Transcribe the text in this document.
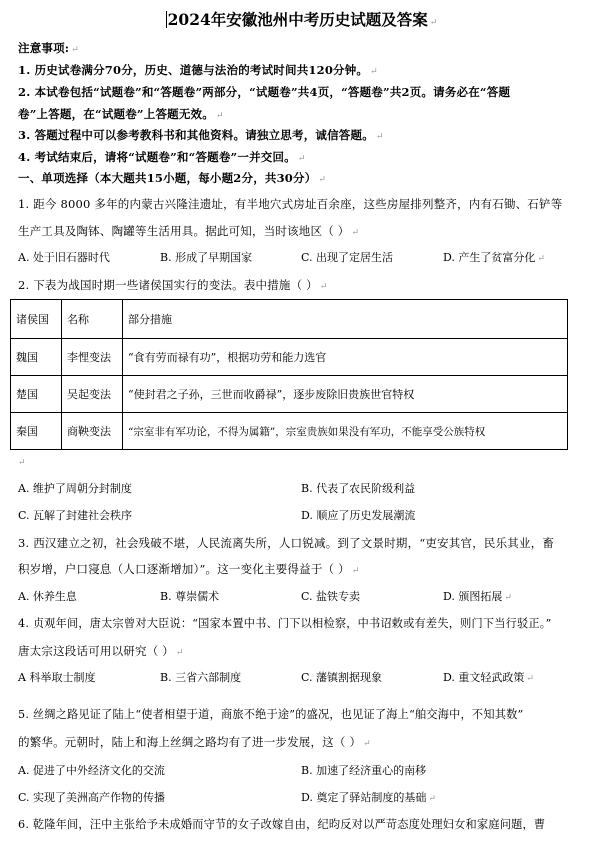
2024年安徽池州中考历史试题及答案 ↵
注意事项: ↵
1. 历史试卷满分70分，历史、道德与法治的考试时间共120分钟。 ↵
2. 本试卷包括“试题卷”和“答题卷”两部分，“试题卷”共4页，“答题卷”共2页。请务必在“答题
卷”上答题，在“试题卷”上答题无效。 ↵
3. 答题过程中可以参考教科书和其他资料。请独立思考，诚信答题。 ↵
4. 考试结束后，请将“试题卷”和“答题卷”一并交回。 ↵
一、单项选择（本大题共15小题，每小题2分，共30分） ↵
1. 距今 8000 多年的内蒙古兴隆洼遗址，有半地穴式房址百余座，这些房屋排列整齐，内有石锄、石铲等
生产工具及陶钵、陶罐等生活用具。据此可知，当时该地区（ ） ↵
A. 处于旧石器时代	B. 形成了早期国家	C. 出现了定居生活	D. 产生了贫富分化 ↵
2. 下表为战国时期一些诸侯国实行的变法。表中措施（ ） ↵
诸侯国	名称	部分措施
魏国	李悝变法	“食有劳而禄有功”，根据功劳和能力选官
楚国	吴起变法	“使封君之子孙，三世而收爵禄”，逐步废除旧贵族世官特权
秦国	商鞅变法	“宗室非有军功论，不得为属籍”，宗室贵族如果没有军功，不能享受公族特权
↵
A. 维护了周朝分封制度	B. 代表了农民阶级利益
C. 瓦解了封建社会秩序	D. 顺应了历史发展潮流
3. 西汉建立之初，社会残破不堪，人民流离失所，人口锐减。到了文景时期，“吏安其官，民乐其业，畜
积岁增，户口寖息（人口逐渐增加）”。这一变化主要得益于（ ） ↵
A. 休养生息	B. 尊崇儒术	C. 盐铁专卖	D. 颁图拓展 ↵
4. 贞观年间，唐太宗曾对大臣说：“国家本置中书、门下以相检察，中书诏敕或有差失，则门下当行驳正。”
唐太宗这段话可用以研究（ ） ↵
A 科举取士制度	B. 三省六部制度	C. 藩镇割据现象	D. 重文轻武政策 ↵
5. 丝绸之路见证了陆上“使者相望于道，商旅不绝于途”的盛况，也见证了海上“舶交海中，不知其数”
的繁华。元朝时，陆上和海上丝绸之路均有了进一步发展，这（ ） ↵
A. 促进了中外经济文化的交流	B. 加速了经济重心的南移
C. 实现了美洲高产作物的传播	D. 奠定了驿站制度的基础 ↵
6. 乾隆年间，汪中主张给予未成婚而守节的女子改嫁自由，纪昀反对以严苛态度处理妇女和家庭问题，曹
